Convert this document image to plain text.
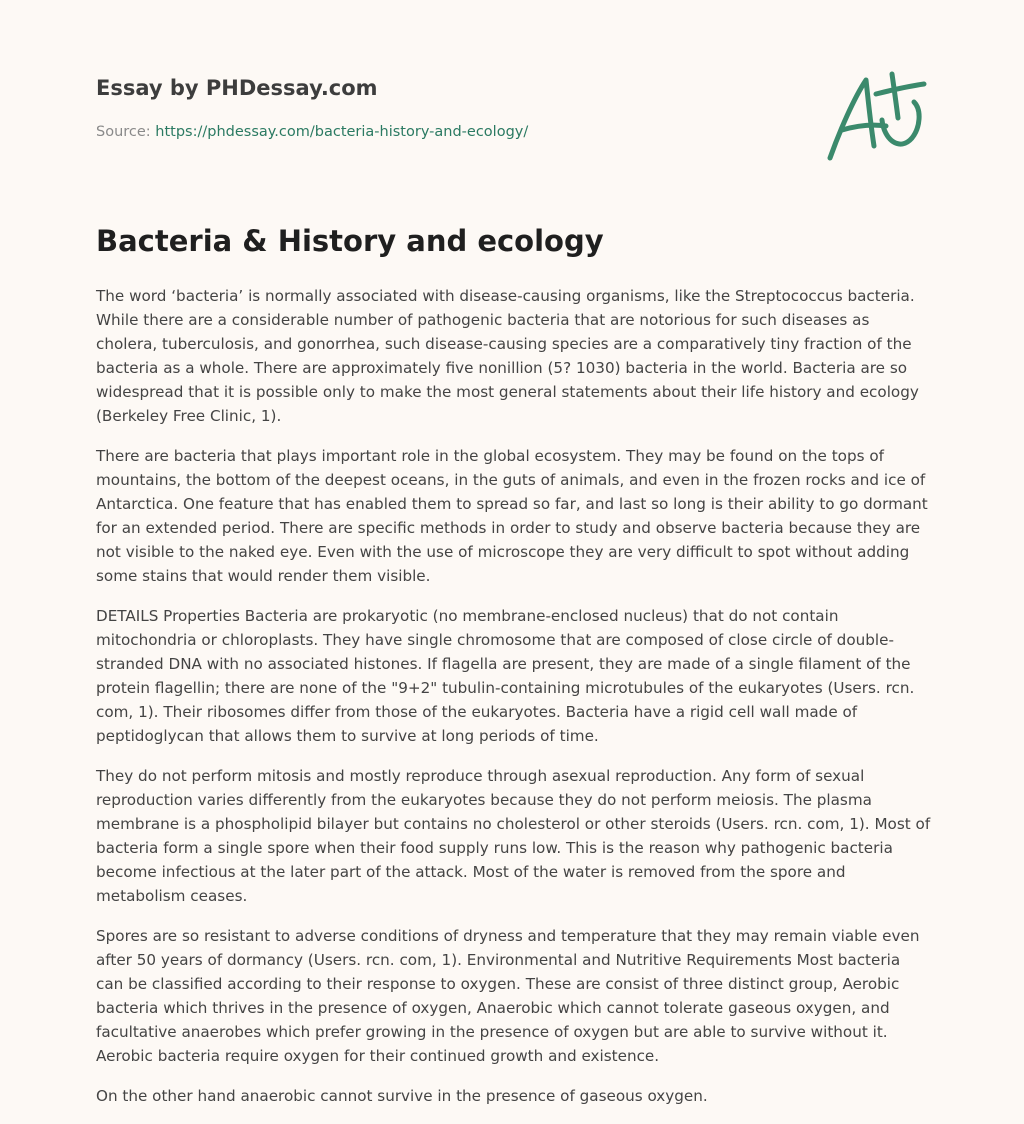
Essay by PHDessay.com
Source: https://phdessay.com/bacteria-history-and-ecology/
Bacteria & History and ecology

The word ‘bacteria’ is normally associated with disease-causing organisms, like the Streptococcus bacteria. While there are a considerable number of pathogenic bacteria that are notorious for such diseases as cholera, tuberculosis, and gonorrhea, such disease-causing species are a comparatively tiny fraction of the bacteria as a whole. There are approximately five nonillion (5? 1030) bacteria in the world. Bacteria are so widespread that it is possible only to make the most general statements about their life history and ecology (Berkeley Free Clinic, 1).

There are bacteria that plays important role in the global ecosystem. They may be found on the tops of mountains, the bottom of the deepest oceans, in the guts of animals, and even in the frozen rocks and ice of Antarctica. One feature that has enabled them to spread so far, and last so long is their ability to go dormant for an extended period. There are specific methods in order to study and observe bacteria because they are not visible to the naked eye. Even with the use of microscope they are very difficult to spot without adding some stains that would render them visible.

DETAILS Properties Bacteria are prokaryotic (no membrane-enclosed nucleus) that do not contain mitochondria or chloroplasts. They have single chromosome that are composed of close circle of double-stranded DNA with no associated histones. If flagella are present, they are made of a single filament of the protein flagellin; there are none of the "9+2" tubulin-containing microtubules of the eukaryotes (Users. rcn. com, 1). Their ribosomes differ from those of the eukaryotes. Bacteria have a rigid cell wall made of peptidoglycan that allows them to survive at long periods of time.

They do not perform mitosis and mostly reproduce through asexual reproduction. Any form of sexual reproduction varies differently from the eukaryotes because they do not perform meiosis. The plasma membrane is a phospholipid bilayer but contains no cholesterol or other steroids (Users. rcn. com, 1). Most of bacteria form a single spore when their food supply runs low. This is the reason why pathogenic bacteria become infectious at the later part of the attack. Most of the water is removed from the spore and metabolism ceases.

Spores are so resistant to adverse conditions of dryness and temperature that they may remain viable even after 50 years of dormancy (Users. rcn. com, 1). Environmental and Nutritive Requirements Most bacteria can be classified according to their response to oxygen. These are consist of three distinct group, Aerobic bacteria which thrives in the presence of oxygen, Anaerobic which cannot tolerate gaseous oxygen, and facultative anaerobes which prefer growing in the presence of oxygen but are able to survive without it. Aerobic bacteria require oxygen for their continued growth and existence.

On the other hand anaerobic cannot survive in the presence of gaseous oxygen.
